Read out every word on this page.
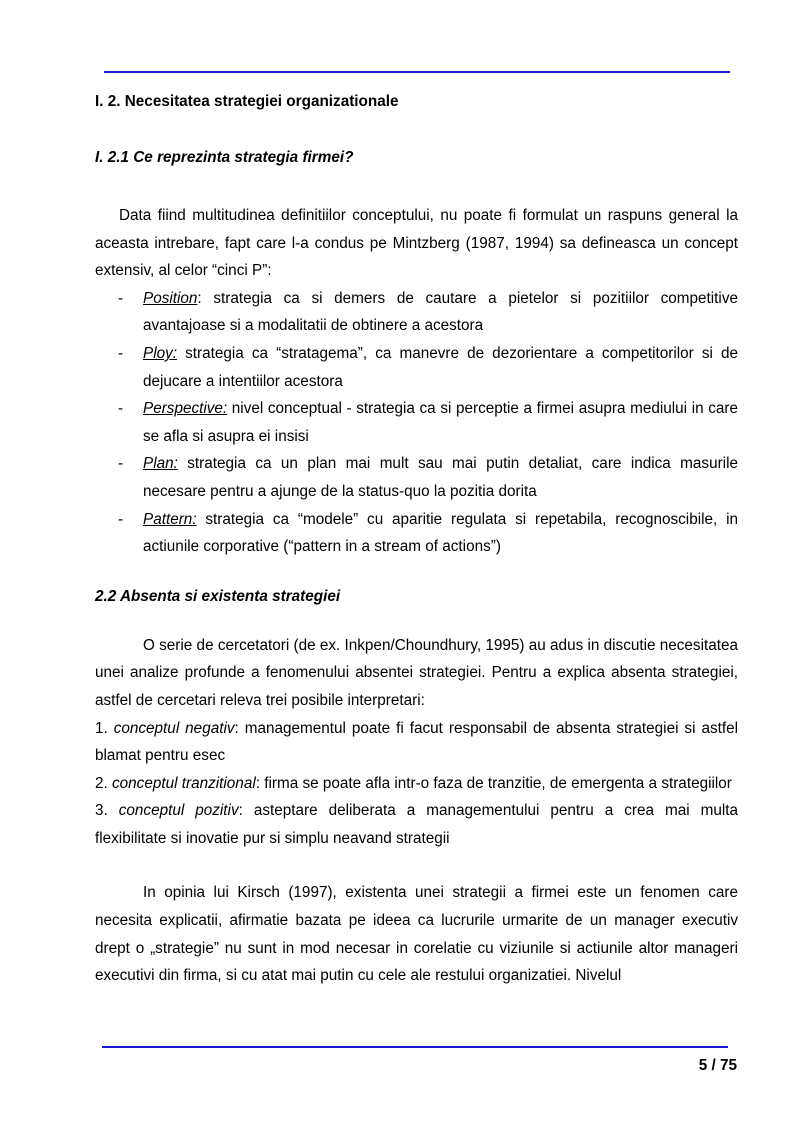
I. 2. Necesitatea strategiei organizationale
I. 2.1 Ce reprezinta strategia firmei?

Data fiind multitudinea definitiilor conceptului, nu poate fi formulat un raspuns general la aceasta intrebare, fapt care l-a condus pe Mintzberg (1987, 1994) sa defineasca un concept extensiv, al celor “cinci P”:

- Position: strategia ca si demers de cautare a pietelor si pozitiilor competitive avantajoase si a modalitatii de obtinere a acestora
- Ploy: strategia ca “stratagema”, ca manevre de dezorientare a competitorilor si de dejucare a intentiilor acestora
- Perspective: nivel conceptual - strategia ca si perceptie a firmei asupra mediului in care se afla si asupra ei insisi
- Plan: strategia ca un plan mai mult sau mai putin detaliat, care indica masurile necesare pentru a ajunge de la status-quo la pozitia dorita
- Pattern: strategia ca “modele” cu aparitie regulata si repetabila, recognoscibile, in actiunile corporative (“pattern in a stream of actions”)
2.2 Absenta si existenta strategiei

O serie de cercetatori (de ex. Inkpen/Choundhury, 1995) au adus in discutie necesitatea unei analize profunde a fenomenului absentei strategiei. Pentru a explica absenta strategiei, astfel de cercetari releva trei posibile interpretari:

1. conceptul negativ: managementul poate fi facut responsabil de absenta strategiei si astfel blamat pentru esec

2. conceptul tranzitional: firma se poate afla intr-o faza de tranzitie, de emergenta a strategiilor

3. conceptul pozitiv: asteptare deliberata a managementului pentru a crea mai multa flexibilitate si inovatie pur si simplu neavand strategii

In opinia lui Kirsch (1997), existenta unei strategii a firmei este un fenomen care necesita explicatii, afirmatie bazata pe ideea ca lucrurile urmarite de un manager executiv drept o „strategie” nu sunt in mod necesar in corelatie cu viziunile si actiunile altor manageri executivi din firma, si cu atat mai putin cu cele ale restului organizatiei. Nivelul

5 / 75
